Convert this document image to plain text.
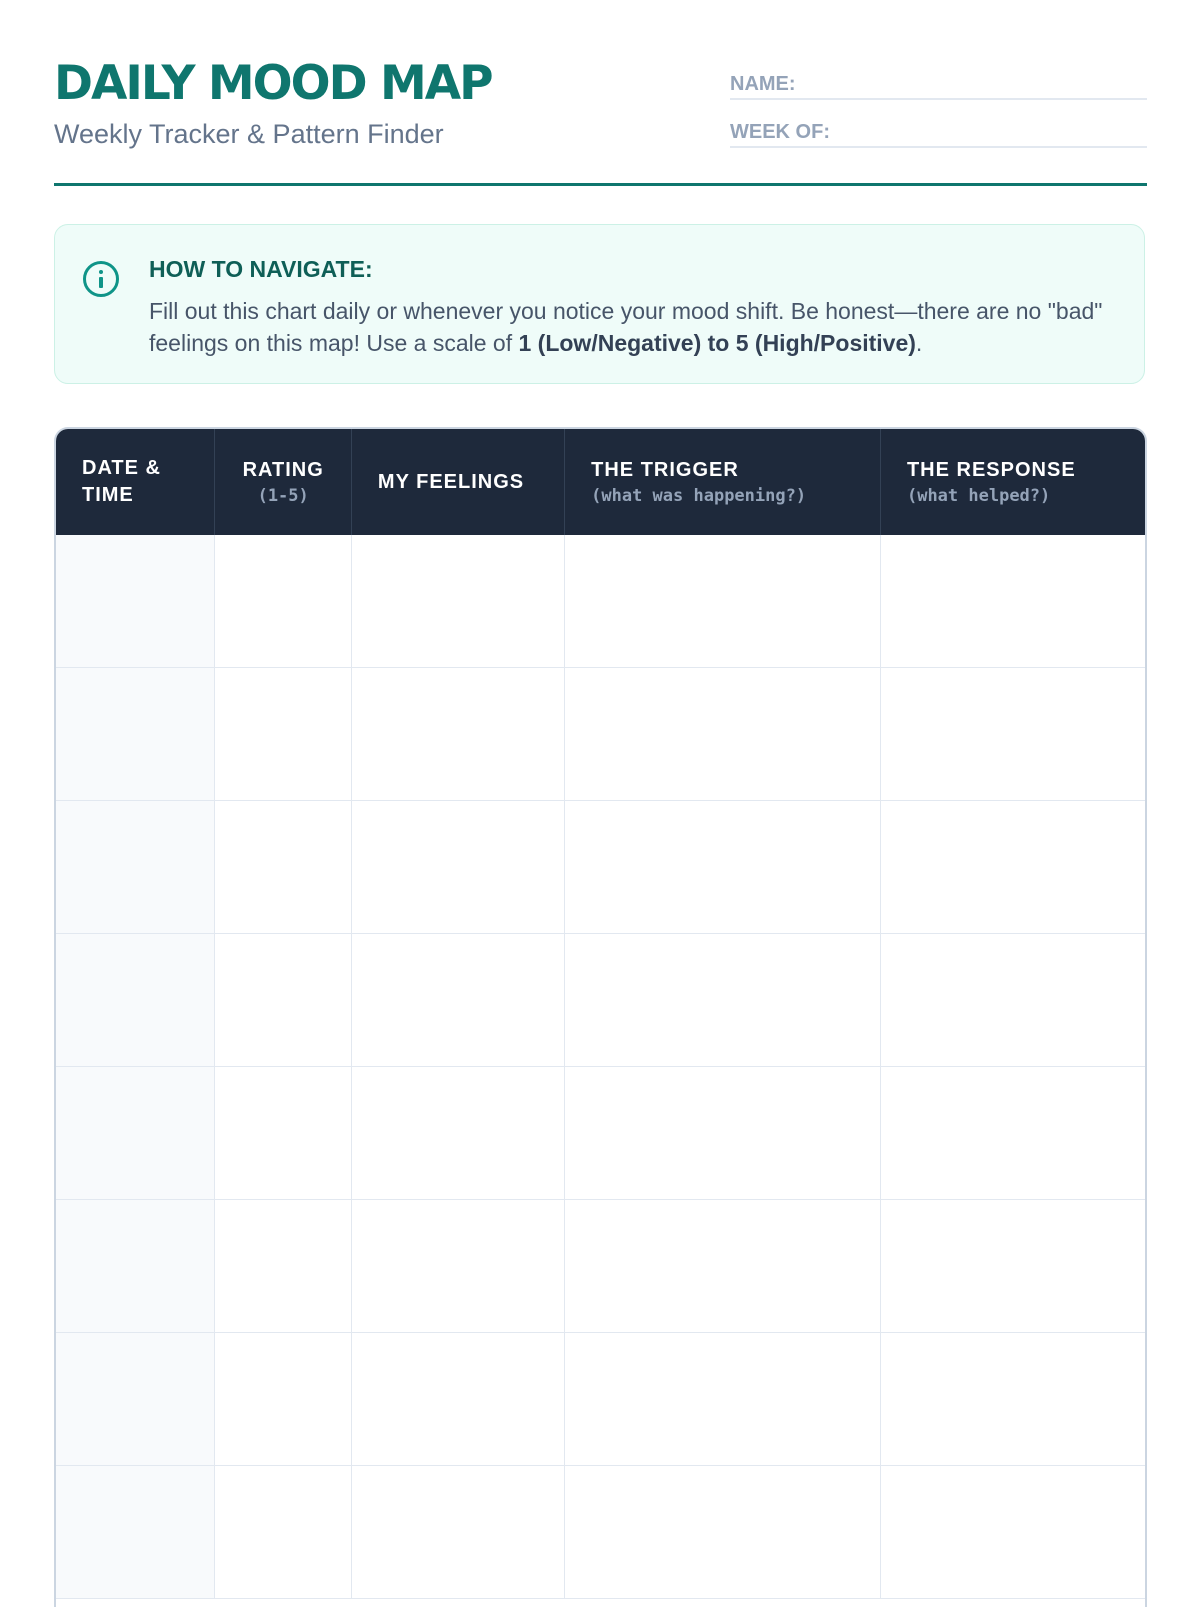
DAILY MOOD MAP
Weekly Tracker & Pattern Finder
NAME:
WEEK OF:
HOW TO NAVIGATE:
Fill out this chart daily or whenever you notice your mood shift. Be honest—there are no "bad" feelings on this map! Use a scale of 1 (Low/Negative) to 5 (High/Positive).
DATE &
TIME
RATING
(1-5)
MY FEELINGS
THE TRIGGER
(what was happening?)
THE RESPONSE
(what helped?)
